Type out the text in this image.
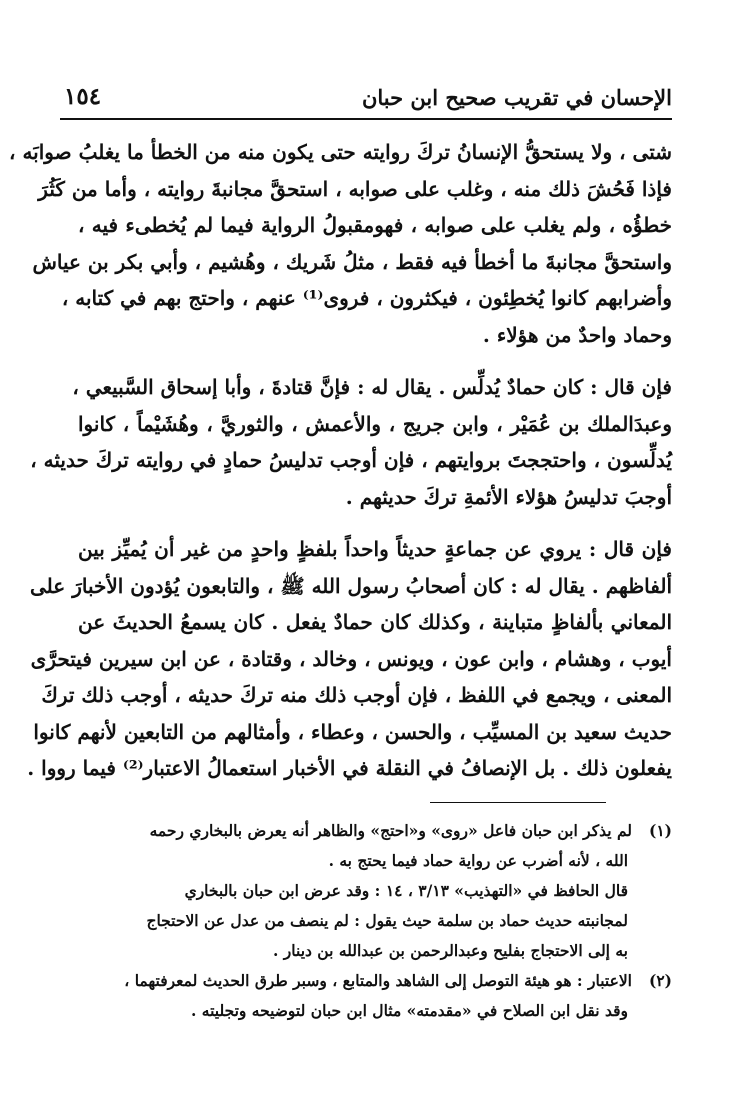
الإحسان في تقريب صحيح ابن حبان
١٥٤
شتى ، ولا يستحقُّ الإنسانُ تركَ روايته حتى يكون منه من الخطأ ما يغلبُ صوابَه ،
فإذا فَحُشَ ذلك منه ، وغلب على صوابه ، استحقَّ مجانبةَ روايته ، وأما من كَثُرَ
خطؤُه ، ولم يغلب على صوابه ، فهومقبولُ الرواية فيما لم يُخطىء فيه ،
واستحقَّ مجانبةَ ما أخطأ فيه فقط ، مثلُ شَريك ، وهُشيم ، وأبي بكر بن عياش
وأضرابهم كانوا يُخطِئون ، فيكثرون ، فروى⁽¹⁾ عنهم ، واحتج بهم في كتابه ،
وحماد واحدٌ من هؤلاء .
فإن قال : كان حمادٌ يُدلِّس . يقال له : فإنَّ قتادةَ ، وأبا إسحاق السَّبيعي ،
وعبدَالملك بن عُمَيْر ، وابن جريج ، والأعمش ، والثوريَّ ، وهُشَيْماً ، كانوا
يُدلِّسون ، واحتججتَ بروايتهم ، فإن أوجب تدليسُ حمادٍ في روايته تركَ حديثه ،
أوجبَ تدليسُ هؤلاء الأئمةِ تركَ حديثهم .
فإن قال : يروي عن جماعةٍ حديثاً واحداً بلفظٍ واحدٍ من غير أن يُميِّز بين
ألفاظهم . يقال له : كان أصحابُ رسول الله ﷺ ، والتابعون يُؤدون الأخبارَ على
المعاني بألفاظٍ متباينة ، وكذلك كان حمادٌ يفعل . كان يسمعُ الحديثَ عن
أيوب ، وهشام ، وابن عون ، ويونس ، وخالد ، وقتادة ، عن ابن سيرين فيتحرَّى
المعنى ، ويجمع في اللفظ ، فإن أوجب ذلك منه تركَ حديثه ، أوجب ذلك تركَ
حديث سعيد بن المسيِّب ، والحسن ، وعطاء ، وأمثالهم من التابعين لأنهم كانوا
يفعلون ذلك . بل الإنصافُ في النقلة في الأخبار استعمالُ الاعتبار⁽²⁾ فيما رووا .
(١)لم يذكر ابن حبان فاعل «روى» و«احتج» والظاهر أنه يعرض بالبخاري رحمه
الله ، لأنه أضرب عن رواية حماد فيما يحتج به .
قال الحافظ في «التهذيب» ٣/١٣ ، ١٤ : وقد عرض ابن حبان بالبخاري
لمجانبته حديث حماد بن سلمة حيث يقول : لم ينصف من عدل عن الاحتجاج
به إلى الاحتجاج بفليح وعبدالرحمن بن عبدالله بن دينار .
(٢)الاعتبار : هو هيئة التوصل إلى الشاهد والمتابع ، وسبر طرق الحديث لمعرفتهما ،
وقد نقل ابن الصلاح في «مقدمته» مثال ابن حبان لتوضيحه وتجليته .
